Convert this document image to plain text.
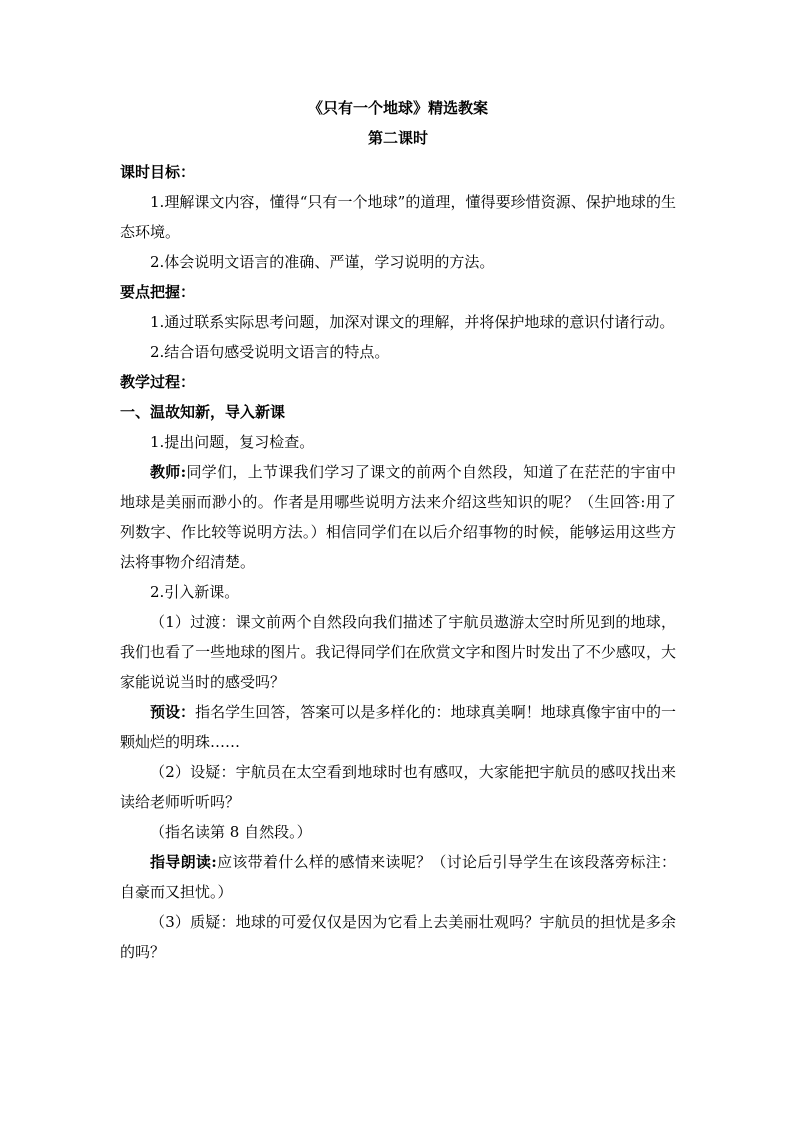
《只有一个地球》精选教案

第二课时

课时目标：

1.理解课文内容，懂得“只有一个地球”的道理，懂得要珍惜资源、保护地球的生态环境。

2.体会说明文语言的准确、严谨，学习说明的方法。

要点把握：

1.通过联系实际思考问题，加深对课文的理解，并将保护地球的意识付诸行动。

2.结合语句感受说明文语言的特点。

教学过程：

一、温故知新，导入新课

1.提出问题，复习检查。

教师:同学们，上节课我们学习了课文的前两个自然段，知道了在茫茫的宇宙中地球是美丽而渺小的。作者是用哪些说明方法来介绍这些知识的呢？（生回答:用了列数字、作比较等说明方法。）相信同学们在以后介绍事物的时候，能够运用这些方法将事物介绍清楚。

2.引入新课。

（1）过渡：课文前两个自然段向我们描述了宇航员遨游太空时所见到的地球，我们也看了一些地球的图片。我记得同学们在欣赏文字和图片时发出了不少感叹，大家能说说当时的感受吗？

预设：指名学生回答，答案可以是多样化的：地球真美啊！地球真像宇宙中的一颗灿烂的明珠……

（2）设疑：宇航员在太空看到地球时也有感叹，大家能把宇航员的感叹找出来读给老师听听吗？

（指名读第 8 自然段。）

指导朗读:应该带着什么样的感情来读呢？（讨论后引导学生在该段落旁标注：自豪而又担忧。）

（3）质疑：地球的可爱仅仅是因为它看上去美丽壮观吗？宇航员的担忧是多余的吗？
